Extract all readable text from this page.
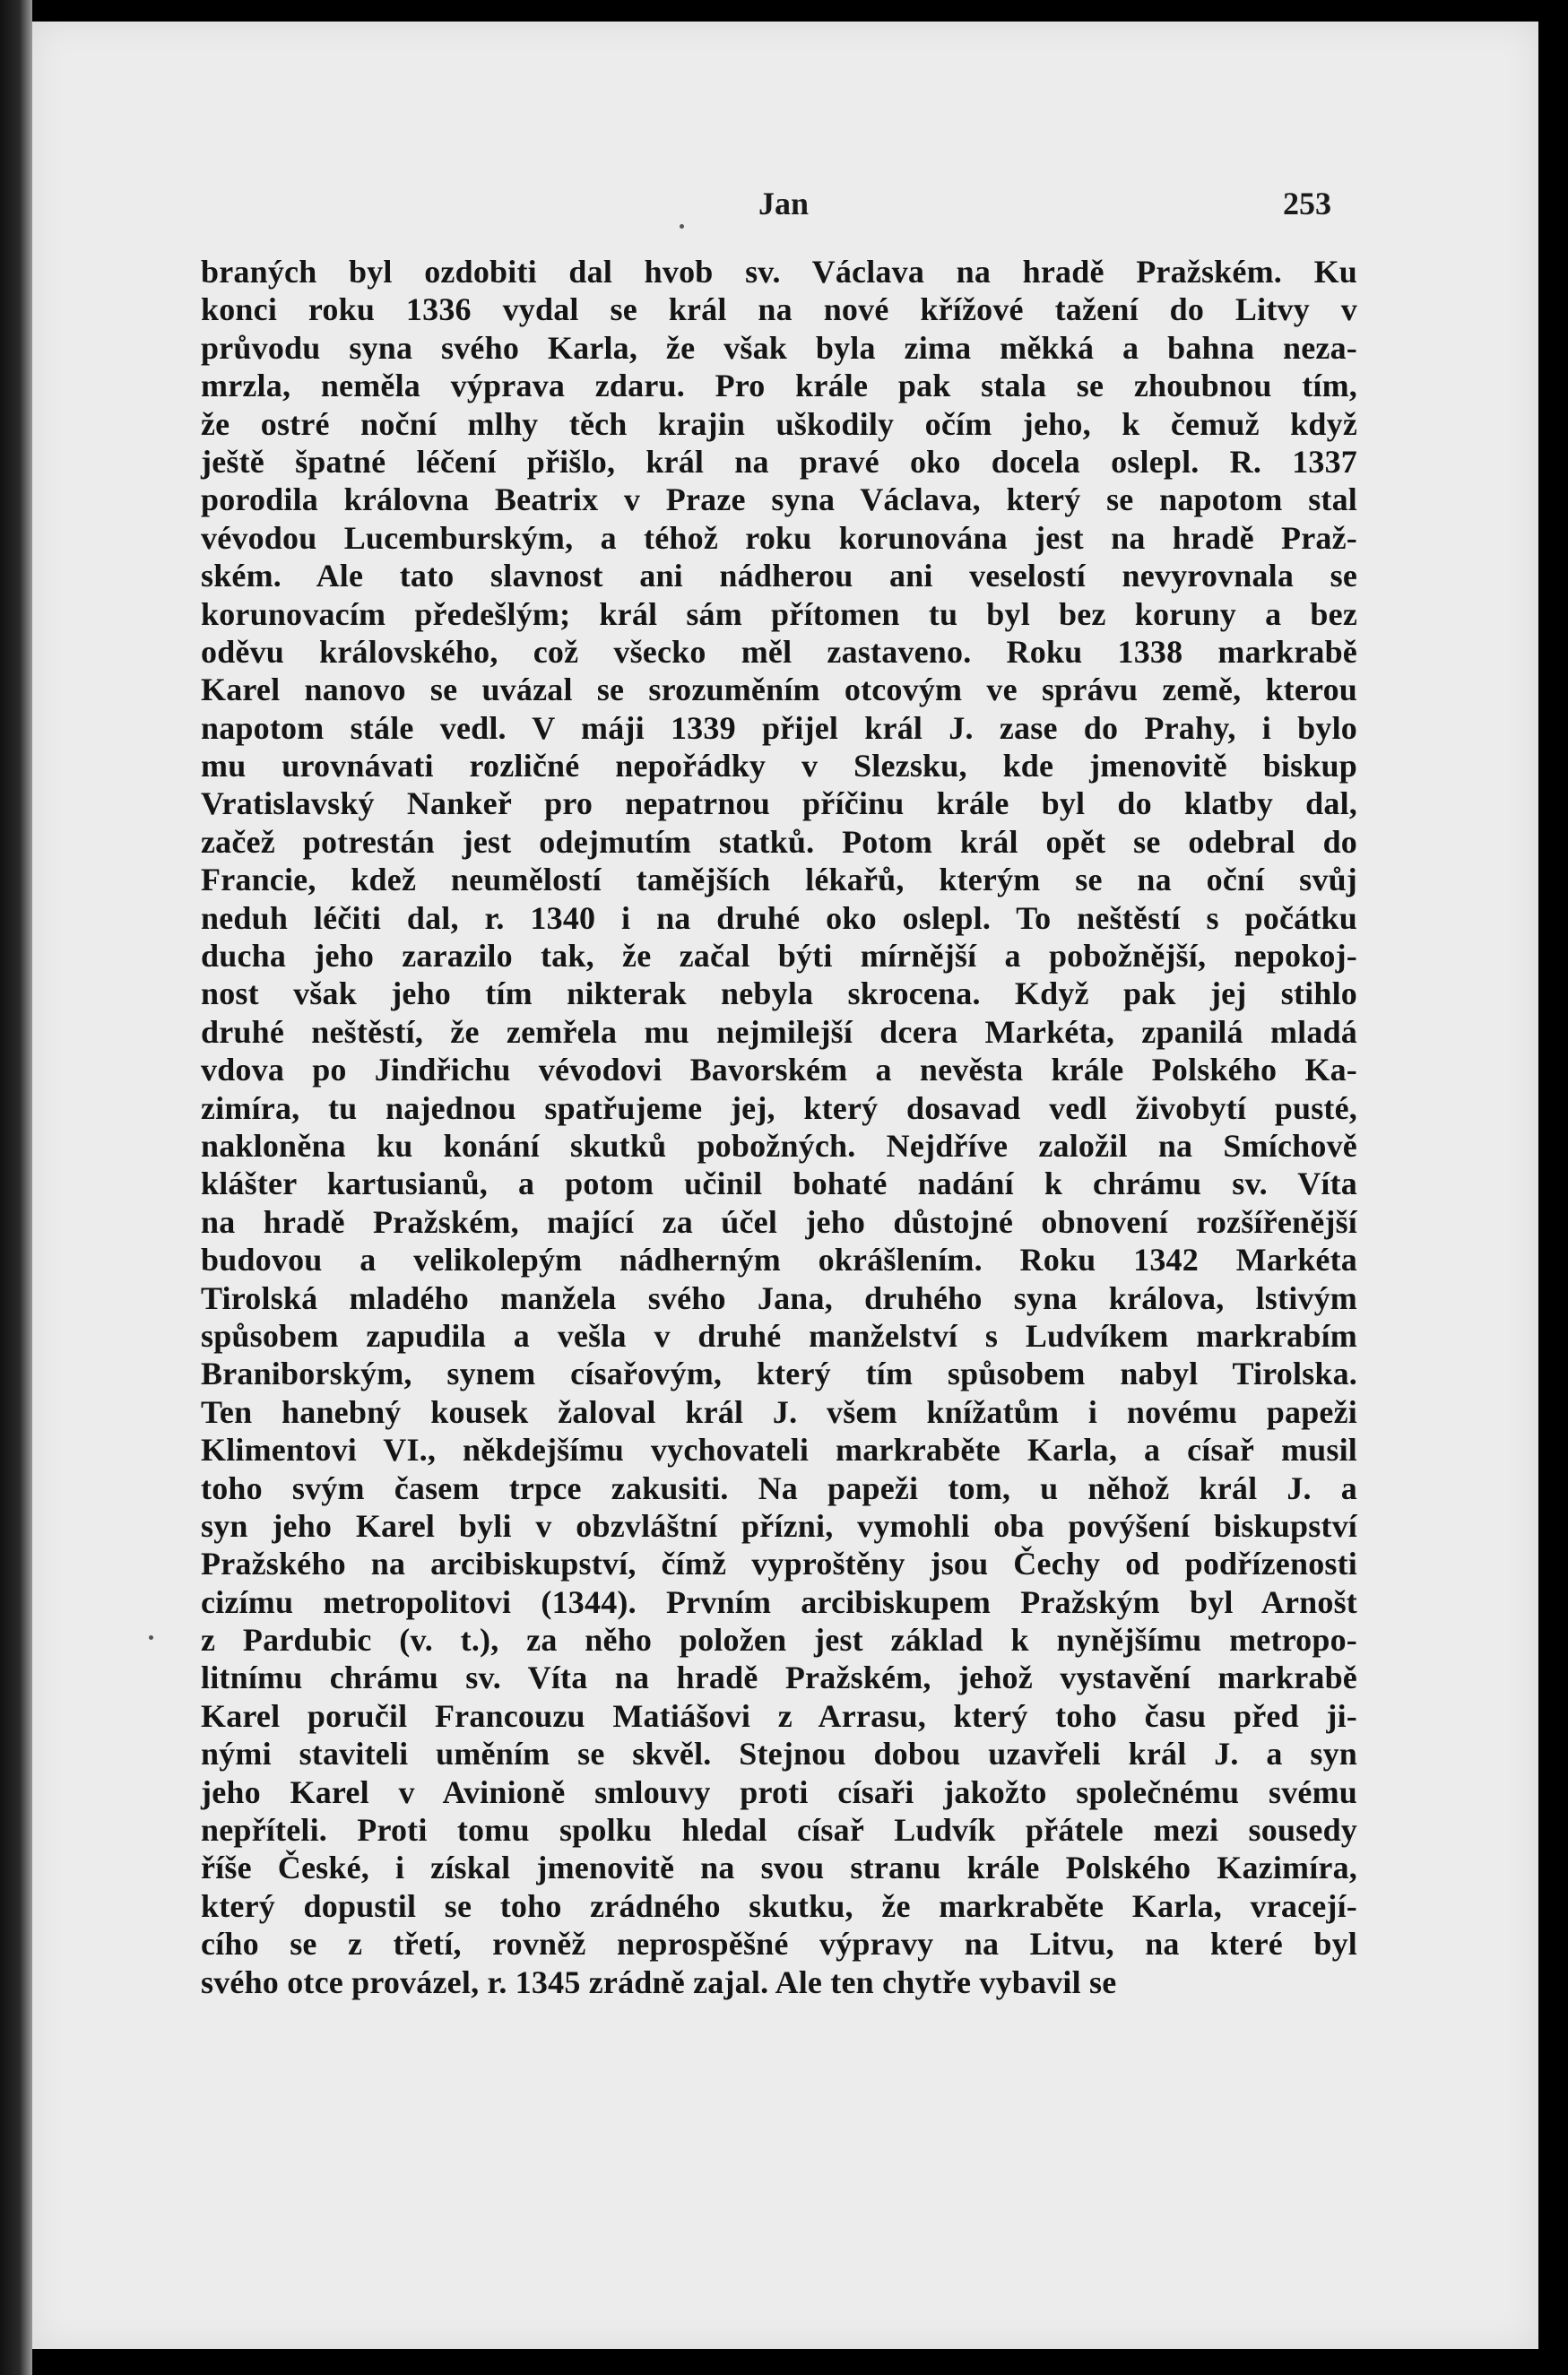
Jan	253
braných byl ozdobiti dal hvob sv. Václava na hradě Pražském. Ku
konci roku 1336 vydal se král na nové křížové tažení do Litvy v
průvodu syna svého Karla, že však byla zima měkká a bahna neza-
mrzla, neměla výprava zdaru. Pro krále pak stala se zhoubnou tím,
že ostré noční mlhy těch krajin uškodily očím jeho, k čemuž když
ještě špatné léčení přišlo, král na pravé oko docela oslepl. R. 1337
porodila královna Beatrix v Praze syna Václava, který se napotom stal
vévodou Lucemburským, a téhož roku korunována jest na hradě Praž-
ském. Ale tato slavnost ani nádherou ani veselostí nevyrovnala se
korunovacím předešlým; král sám přítomen tu byl bez koruny a bez
oděvu královského, což všecko měl zastaveno. Roku 1338 markrabě
Karel nanovo se uvázal se srozuměním otcovým ve správu země, kterou
napotom stále vedl. V máji 1339 přijel král J. zase do Prahy, i bylo
mu urovnávati rozličné nepořádky v Slezsku, kde jmenovitě biskup
Vratislavský Nankeř pro nepatrnou příčinu krále byl do klatby dal,
začež potrestán jest odejmutím statků. Potom král opět se odebral do
Francie, kdež neumělostí tamějších lékařů, kterým se na oční svůj
neduh léčiti dal, r. 1340 i na druhé oko oslepl. To neštěstí s počátku
ducha jeho zarazilo tak, že začal býti mírnější a pobožnější, nepokoj-
nost však jeho tím nikterak nebyla skrocena. Když pak jej stihlo
druhé neštěstí, že zemřela mu nejmilejší dcera Markéta, zpanilá mladá
vdova po Jindřichu vévodovi Bavorském a nevěsta krále Polského Ka-
zimíra, tu najednou spatřujeme jej, který dosavad vedl živobytí pusté,
nakloněna ku konání skutků pobožných. Nejdříve založil na Smíchově
klášter kartusianů, a potom učinil bohaté nadání k chrámu sv. Víta
na hradě Pražském, mající za účel jeho důstojné obnovení rozšířenější
budovou a velikolepým nádherným okrášlením. Roku 1342 Markéta
Tirolská mladého manžela svého Jana, druhého syna králova, lstivým
spůsobem zapudila a vešla v druhé manželství s Ludvíkem markrabím
Braniborským, synem císařovým, který tím spůsobem nabyl Tirolska.
Ten hanebný kousek žaloval král J. všem knížatům i novému papeži
Klimentovi VI., někdejšímu vychovateli markraběte Karla, a císař musil
toho svým časem trpce zakusiti. Na papeži tom, u něhož král J. a
syn jeho Karel byli v obzvláštní přízni, vymohli oba povýšení biskupství
Pražského na arcibiskupství, čímž vyproštěny jsou Čechy od podřízenosti
cizímu metropolitovi (1344). Prvním arcibiskupem Pražským byl Arnošt
z Pardubic (v. t.), za něho položen jest základ k nynějšímu metropo-
litnímu chrámu sv. Víta na hradě Pražském, jehož vystavění markrabě
Karel poručil Francouzu Matiášovi z Arrasu, který toho času před ji-
nými staviteli uměním se skvěl. Stejnou dobou uzavřeli král J. a syn
jeho Karel v Avinioně smlouvy proti císaři jakožto společnému svému
nepříteli. Proti tomu spolku hledal císař Ludvík přátele mezi sousedy
říše České, i získal jmenovitě na svou stranu krále Polského Kazimíra,
který dopustil se toho zrádného skutku, že markraběte Karla, vracejí-
cího se z třetí, rovněž neprospěšné výpravy na Litvu, na které byl
svého otce provázel, r. 1345 zrádně zajal. Ale ten chytře vybavil se
